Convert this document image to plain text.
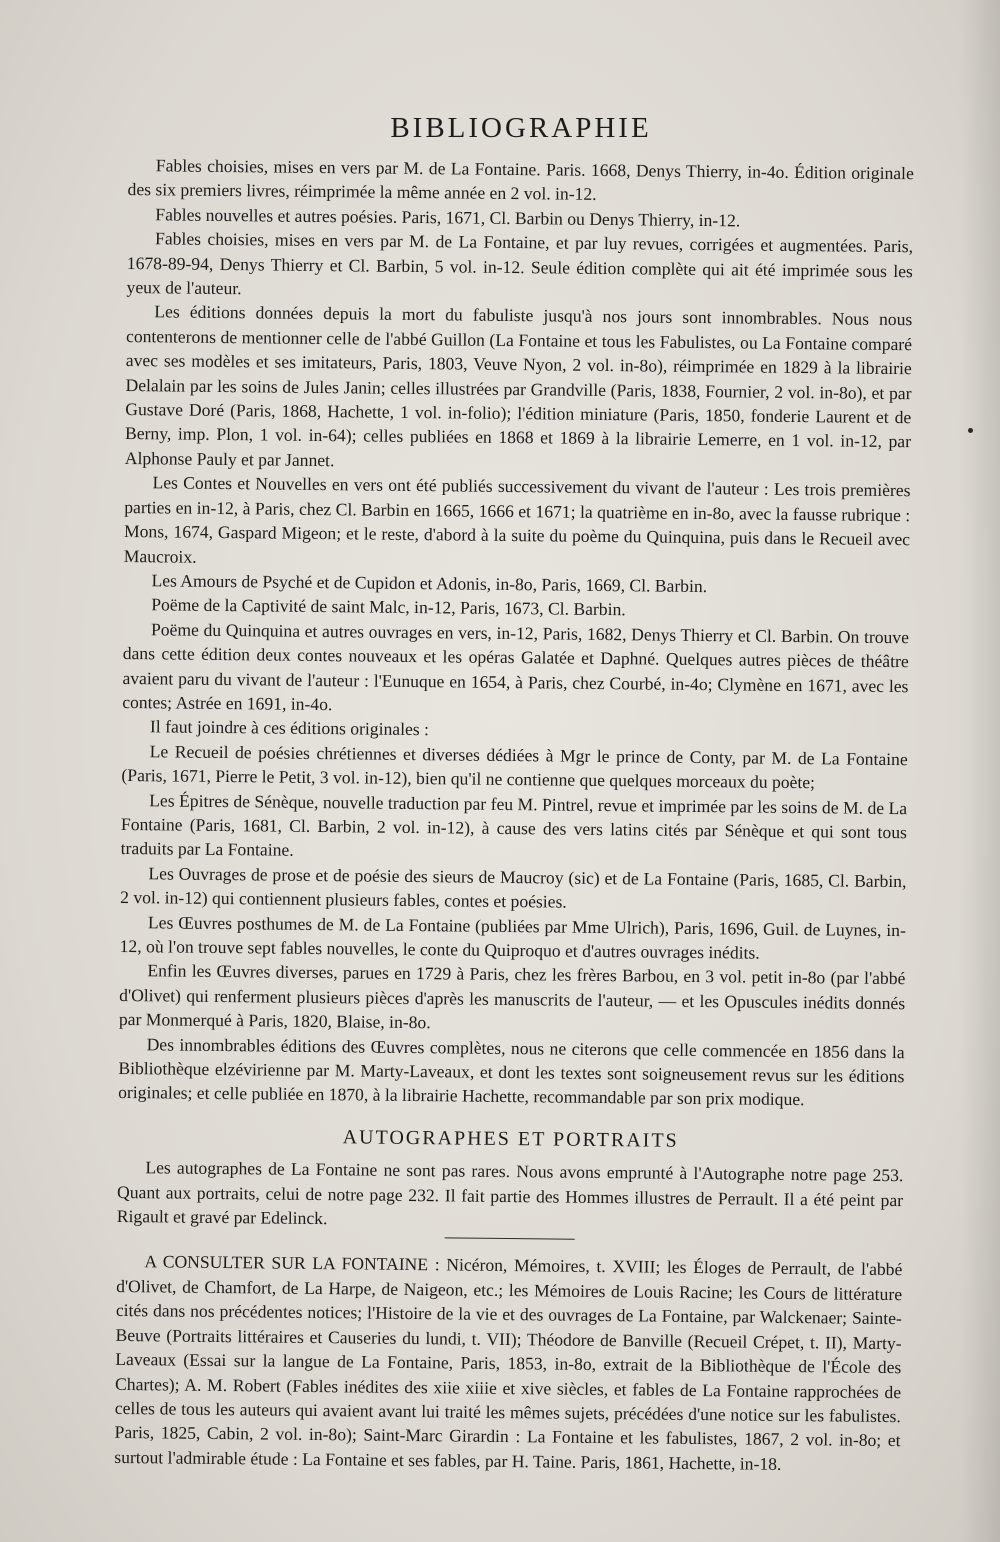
BIBLIOGRAPHIE

Fables choisies, mises en vers par M. de La Fontaine. Paris. 1668, Denys Thierry, in-4o. Édition originale des six premiers livres, réimprimée la même année en 2 vol. in-12.

Fables nouvelles et autres poésies. Paris, 1671, Cl. Barbin ou Denys Thierry, in-12.

Fables choisies, mises en vers par M. de La Fontaine, et par luy revues, corrigées et augmentées. Paris, 1678-89-94, Denys Thierry et Cl. Barbin, 5 vol. in-12. Seule édition complète qui ait été imprimée sous les yeux de l'auteur.

Les éditions données depuis la mort du fabuliste jusqu'à nos jours sont innombrables. Nous nous contenterons de mentionner celle de l'abbé Guillon (La Fontaine et tous les Fabulistes, ou La Fontaine comparé avec ses modèles et ses imitateurs, Paris, 1803, Veuve Nyon, 2 vol. in-8o), réimprimée en 1829 à la librairie Delalain par les soins de Jules Janin; celles illustrées par Grandville (Paris, 1838, Fournier, 2 vol. in-8o), et par Gustave Doré (Paris, 1868, Hachette, 1 vol. in-folio); l'édition miniature (Paris, 1850, fonderie Laurent et de Berny, imp. Plon, 1 vol. in-64); celles publiées en 1868 et 1869 à la librairie Lemerre, en 1 vol. in-12, par Alphonse Pauly et par Jannet.

Les Contes et Nouvelles en vers ont été publiés successivement du vivant de l'auteur : Les trois premières parties en in-12, à Paris, chez Cl. Barbin en 1665, 1666 et 1671; la quatrième en in-8o, avec la fausse rubrique : Mons, 1674, Gaspard Migeon; et le reste, d'abord à la suite du poème du Quinquina, puis dans le Recueil avec Maucroix.

Les Amours de Psyché et de Cupidon et Adonis, in-8o, Paris, 1669, Cl. Barbin.

Poëme de la Captivité de saint Malc, in-12, Paris, 1673, Cl. Barbin.

Poëme du Quinquina et autres ouvrages en vers, in-12, Paris, 1682, Denys Thierry et Cl. Barbin. On trouve dans cette édition deux contes nouveaux et les opéras Galatée et Daphné. Quelques autres pièces de théâtre avaient paru du vivant de l'auteur : l'Eunuque en 1654, à Paris, chez Courbé, in-4o; Clymène en 1671, avec les contes; Astrée en 1691, in-4o.

Il faut joindre à ces éditions originales :

Le Recueil de poésies chrétiennes et diverses dédiées à Mgr le prince de Conty, par M. de La Fontaine (Paris, 1671, Pierre le Petit, 3 vol. in-12), bien qu'il ne contienne que quelques morceaux du poète;

Les Épitres de Sénèque, nouvelle traduction par feu M. Pintrel, revue et imprimée par les soins de M. de La Fontaine (Paris, 1681, Cl. Barbin, 2 vol. in-12), à cause des vers latins cités par Sénèque et qui sont tous traduits par La Fontaine.

Les Ouvrages de prose et de poésie des sieurs de Maucroy (sic) et de La Fontaine (Paris, 1685, Cl. Barbin, 2 vol. in-12) qui contiennent plusieurs fables, contes et poésies.

Les Œuvres posthumes de M. de La Fontaine (publiées par Mme Ulrich), Paris, 1696, Guil. de Luynes, in-12, où l'on trouve sept fables nouvelles, le conte du Quiproquo et d'autres ouvrages inédits.

Enfin les Œuvres diverses, parues en 1729 à Paris, chez les frères Barbou, en 3 vol. petit in-8o (par l'abbé d'Olivet) qui renferment plusieurs pièces d'après les manuscrits de l'auteur, — et les Opuscules inédits donnés par Monmerqué à Paris, 1820, Blaise, in-8o.

Des innombrables éditions des Œuvres complètes, nous ne citerons que celle commencée en 1856 dans la Bibliothèque elzévirienne par M. Marty-Laveaux, et dont les textes sont soigneusement revus sur les éditions originales; et celle publiée en 1870, à la librairie Hachette, recommandable par son prix modique.

AUTOGRAPHES ET PORTRAITS

Les autographes de La Fontaine ne sont pas rares. Nous avons emprunté à l'Autographe notre page 253. Quant aux portraits, celui de notre page 232. Il fait partie des Hommes illustres de Perrault. Il a été peint par Rigault et gravé par Edelinck.

A CONSULTER SUR LA FONTAINE : Nicéron, Mémoires, t. XVIII; les Éloges de Perrault, de l'abbé d'Olivet, de Chamfort, de La Harpe, de Naigeon, etc.; les Mémoires de Louis Racine; les Cours de littérature cités dans nos précédentes notices; l'Histoire de la vie et des ouvrages de La Fontaine, par Walckenaer; Sainte-Beuve (Portraits littéraires et Causeries du lundi, t. VII); Théodore de Banville (Recueil Crépet, t. II), Marty-Laveaux (Essai sur la langue de La Fontaine, Paris, 1853, in-8o, extrait de la Bibliothèque de l'École des Chartes); A. M. Robert (Fables inédites des xiie xiiie et xive siècles, et fables de La Fontaine rapprochées de celles de tous les auteurs qui avaient avant lui traité les mêmes sujets, précédées d'une notice sur les fabulistes. Paris, 1825, Cabin, 2 vol. in-8o); Saint-Marc Girardin : La Fontaine et les fabulistes, 1867, 2 vol. in-8o; et surtout l'admirable étude : La Fontaine et ses fables, par H. Taine. Paris, 1861, Hachette, in-18.
